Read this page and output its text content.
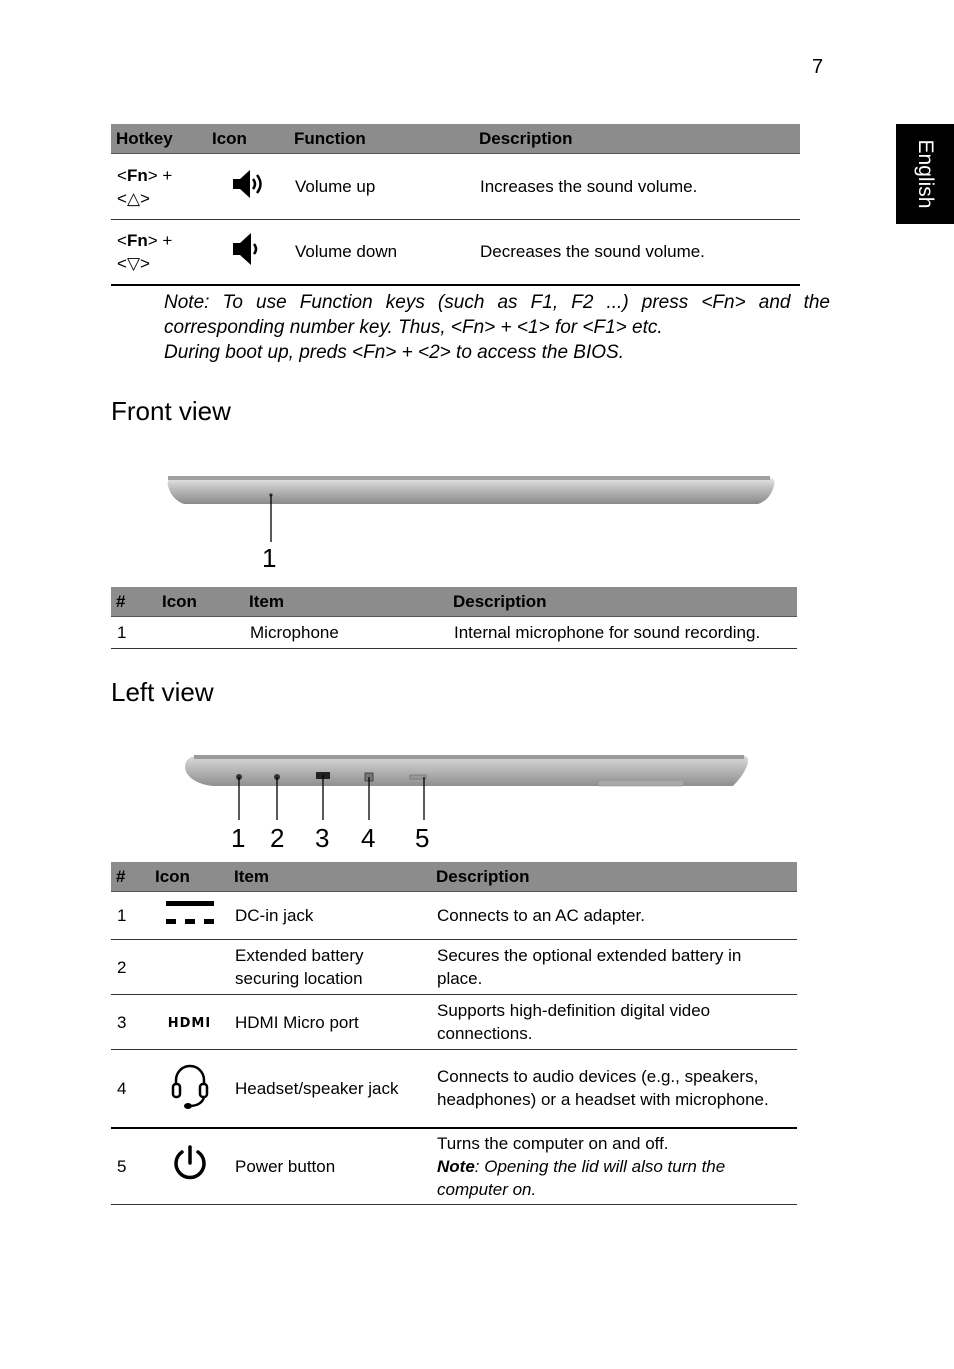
7
English
Hotkey	Icon	Function	Description
<Fn> +
<△>		Volume up	Increases the sound volume.
<Fn> +
<▽>		Volume down	Decreases the sound volume.

Note: To use Function keys (such as F1, F2 ...) press <Fn> and the

corresponding number key. Thus, <Fn> + <1> for <F1> etc.

During boot up, preds <Fn> + <2> to access the BIOS.

Front view
1
#	Icon	Item	Description
1		Microphone	Internal microphone for sound recording.
Left view
1 2 3 4 5
#	Icon	Item	Description
1		DC-in jack	Connects to an AC adapter.
2		Extended battery securing location	Secures the optional extended battery in place.
3	HDMI	HDMI Micro port	Supports high-definition digital video connections.
4		Headset/speaker jack	Connects to audio devices (e.g., speakers, headphones) or a headset with microphone.
5		Power button	Turns the computer on and off.
Note: Opening the lid will also turn the computer on.
